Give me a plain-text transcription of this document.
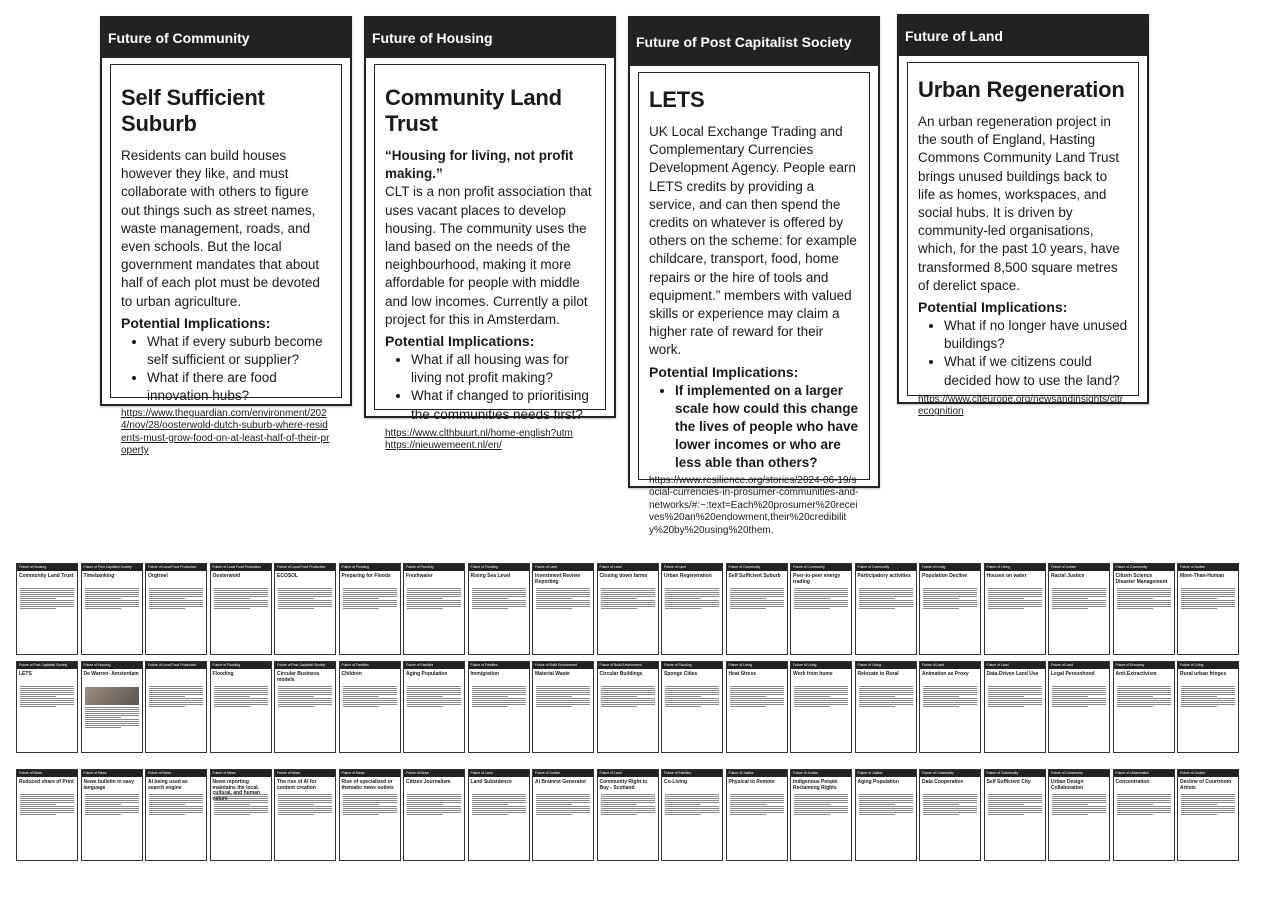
Future of Community
Self Sufficient Suburb
Residents can build houses however they like, and must collaborate with others to figure out things such as street names, waste management, roads, and even schools. But the local government mandates that about half of each plot must be devoted to urban agriculture.
Potential Implications:
• What if every suburb become self sufficient or supplier?
• What if there are food innovation hubs?
https://www.theguardian.com/environment/2024/nov/28/oosterwold-dutch-suburb-where-residents-must-grow-food-on-at-least-half-of-their-property
Future of Housing
Community Land Trust
“Housing for living, not profit making.”
CLT is a non profit association that uses vacant places to develop housing. The community uses the land based on the needs of the neighbourhood, making it more affordable for people with middle and low incomes. Currently a pilot project for this in Amsterdam.
Potential Implications:
• What if all housing was for living not profit making?
• What if changed to prioritising the communities needs first?
https://www.clthbuurt.nl/home-english?utm
https://nieuwemeent.nl/en/
Future of Post Capitalist Society
LETS
UK Local Exchange Trading and Complementary Currencies Development Agency. People earn LETS credits by providing a service, and can then spend the credits on whatever is offered by others on the scheme: for example childcare, transport, food, home repairs or the hire of tools and equipment.” members with valued skills or experience may claim a higher rate of reward for their work.
Potential Implications:
• If implemented on a larger scale how could this change the lives of people who have lower incomes or who are less able than others?
https://www.resilience.org/stories/2024-06-19/social-currencies-in-prosumer-communities-and-networks/#:~:text=Each%20prosumer%20receives%20an%20endowment,their%20credibility%20by%20using%20them.
Future of Land
Urban Regeneration
An urban regeneration project in the south of England, Hasting Commons Community Land Trust brings unused buildings back to life as homes, workspaces, and social hubs. It is driven by community-led organisations, which, for the past 10 years, have transformed 8,500 square metres of derelict space.
Potential Implications:
• What if no longer have unused buildings?
• What if we citizens could decided how to use the land?
https://www.clteurope.org/newsandinsights/cltrecognition
Future of Housing
Community Land Trust
Future of Post Capitalist Society
Timebanking
Future of Local Food Production
Orgtroel
Future of Local Food Production
Oosterwold
Future of Local Food Production
ECOSOL
Future of Flooding
Preparing for Floods
Future of Flooding
Freshwater
Future of Flooding
Rising Sea Level
Future of Land
Investment Review Reporting
Future of Land
Closing down farms
Future of Land
Urban Regeneration
Future of Community
Self Sufficient Suburb
Future of Community
Peer-to-peer energy trading
Future of Community
Participatory activities
Future of Living
Population Decline
Future of Living
Houses on water
Future of Justice
Racial Justice
Future of Community
Citizen Science Disaster Management
Future of Justice
More-Than-Human
Future of Post Capitalist Society
LETS
Future of Housing
De Warren- Amsterdam
Future of Local Food Production	Future of Flooding
Flooding
Future of Post Capitalist Society
Circular Business models
Future of Families
Children
Future of Families
Aging Population
Future of Families
Immigration
Future of Build Environment
Material Waste
Future of Build Environment
Circular Buildings
Future of Flooding
Sponge Cities
Future of Living
Heat Stress
Future of Living
Work from home
Future of Living
Relocate to Rural
Future of Land
Animation as Proxy
Future of Land
Data-Driven Land Use
Future of Land
Legal Personhood
Future of Economy
Anti-Extractivism
Future of Living
Rural urban fringes
Future of News
Reduced share of Print
Future of News
News bulletin in easy language
Future of News
AI being used as search engine
Future of News
News reporting maintains the local, cultural, and human nature
Future of News
The rise of AI for content creation
Future of News
Rise of specialized or thematic news outlets
Future of News
Citizen Journalism
Future of Land
Land Subsidence
Future of Justice
AI Brainrot Generator
Future of Land
Community Right to Buy - Scotland
Future of Families
Co-Living
Future of Justice
Physical to Remote
Future of Justice
Indigenous People Reclaiming Rights
Future of Justice
Aging Population
Future of Community
Data Cooperative
Future of Community
Self Sufficient City
Future of Community
Urban Design Collaboration
Future of Urbanization
Concentration
Future of Justice
Decline of Courtroom Artists
